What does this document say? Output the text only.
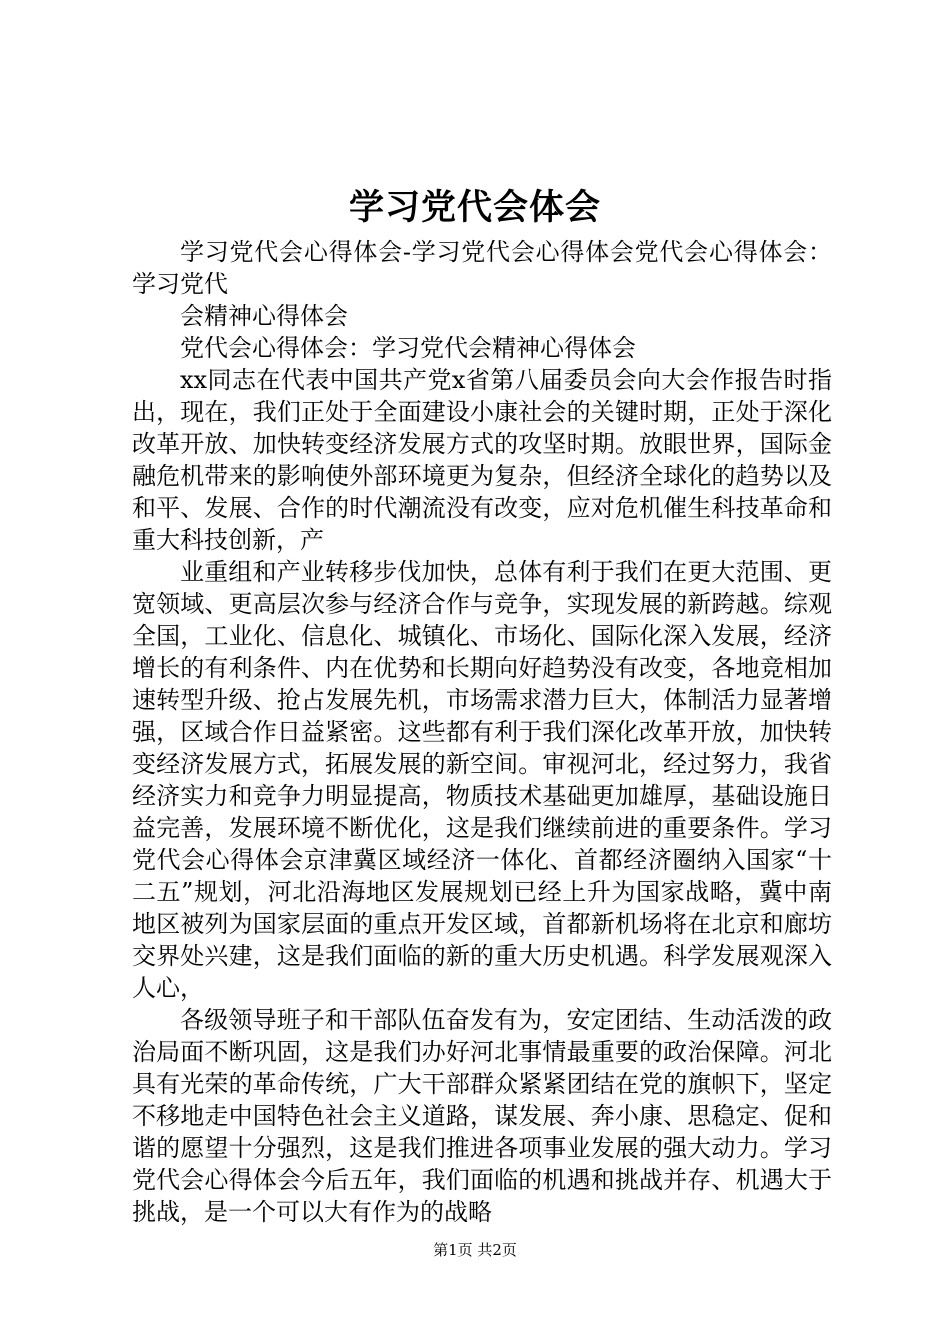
学习党代会体会

学习党代会心得体会-学习党代会心得体会党代会心得体会：学习党代

会精神心得体会

党代会心得体会：学习党代会精神心得体会

xx同志在代表中国共产党x省第八届委员会向大会作报告时指出，现在，我们正处于全面建设小康社会的关键时期，正处于深化改革开放、加快转变经济发展方式的攻坚时期。放眼世界，国际金融危机带来的影响使外部环境更为复杂，但经济全球化的趋势以及和平、发展、合作的时代潮流没有改变，应对危机催生科技革命和重大科技创新，产

业重组和产业转移步伐加快，总体有利于我们在更大范围、更宽领域、更高层次参与经济合作与竞争，实现发展的新跨越。综观全国，工业化、信息化、城镇化、市场化、国际化深入发展，经济增长的有利条件、内在优势和长期向好趋势没有改变，各地竞相加速转型升级、抢占发展先机，市场需求潜力巨大，体制活力显著增强，区域合作日益紧密。这些都有利于我们深化改革开放，加快转变经济发展方式，拓展发展的新空间。审视河北，经过努力，我省经济实力和竞争力明显提高，物质技术基础更加雄厚，基础设施日益完善，发展环境不断优化，这是我们继续前进的重要条件。学习党代会心得体会京津冀区域经济一体化、首都经济圈纳入国家“十二五”规划，河北沿海地区发展规划已经上升为国家战略，冀中南地区被列为国家层面的重点开发区域，首都新机场将在北京和廊坊交界处兴建，这是我们面临的新的重大历史机遇。科学发展观深入人心，

各级领导班子和干部队伍奋发有为，安定团结、生动活泼的政治局面不断巩固，这是我们办好河北事情最重要的政治保障。河北具有光荣的革命传统，广大干部群众紧紧团结在党的旗帜下，坚定不移地走中国特色社会主义道路，谋发展、奔小康、思稳定、促和谐的愿望十分强烈，这是我们推进各项事业发展的强大动力。学习党代会心得体会今后五年，我们面临的机遇和挑战并存、机遇大于挑战，是一个可以大有作为的战略

第1页 共2页
